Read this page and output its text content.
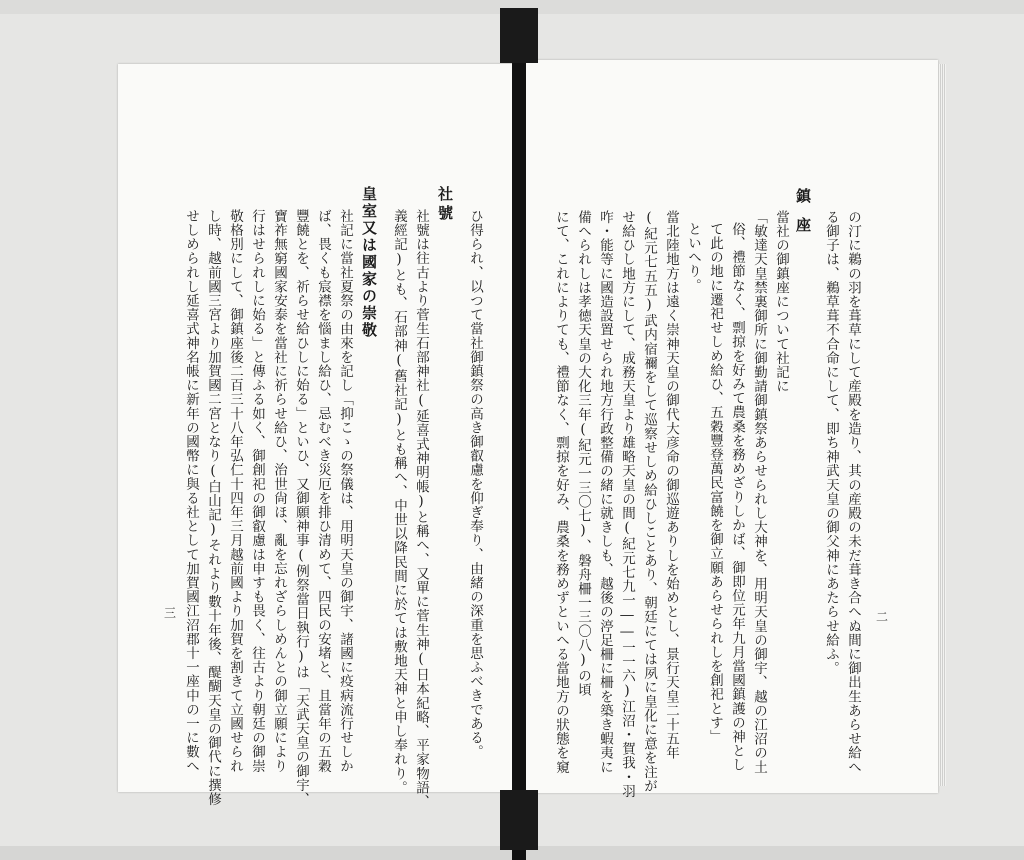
ひ得られ、以つて當社御鎮祭の高き御叡慮を仰ぎ奉り、由緒の深重を思ふべきである。
社號
社號は往古より菅生石部神社(延喜式神明帳)と稱へ、又單に菅生神(日本紀略、平家物語、
義經記)とも、石部神(舊社記)とも稱へ、中世以降民間に於ては敷地天神と申し奉れり。
皇室又は國家の崇敬
社記に當社夏祭の由來を記し「抑こゝの祭儀は、用明天皇の御宇、諸國に疫病流行せしか
ば、畏くも宸襟を惱まし給ひ、忌むべき災厄を排ひ清めて、四民の安堵と、且當年の五穀
豐饒とを、祈らせ給ひしに始る」といひ、又御願神事(例祭當日執行)は「天武天皇の御宇、
寶祚無窮國家安泰を當社に祈らせ給ひ、治世尙ほ、亂を忘れざらしめんとの御立願により
行はせられしに始る」と傳ふる如く、御創祀の御叡慮は申すも畏く、往古より朝廷の御崇
敬格別にして、御鎮座後二百三十八年弘仁十四年三月越前國より加賀を割きて立國せられ
し時、越前國三宮より加賀國二宮となり(白山記)それより數十年後、醍醐天皇の御代に撰修
せしめられし延喜式神名帳に新年の國幣に與る社として加賀國江沼郡十一座中の一に數へ
三	の汀に鵜の羽を葺草にして産殿を造り、其の産殿の未だ葺き合へぬ間に御出生あらせ給へ
る御子は、鵜草葺不合命にして、即ち神武天皇の御父神にあたらせ給ふ。
鎮座
當社の御鎮座について社記に
「敏達天皇禁裏御所に御勤請御鎮祭あらせられし大神を、用明天皇の御宇、越の江沼の土
俗、禮節なく、剽掠を好みて農桑を務めざりしかば、御即位元年九月當國鎮護の神とし
て此の地に遷祀せしめ給ひ、五穀豐登萬民富饒を御立願あらせられしを創祀とす」
といへり。
當北陸地方は遠く崇神天皇の御代大彦命の御巡遊ありしを始めとし、景行天皇二十五年
(紀元七五五)武内宿禰をして巡察せしめ給ひしことあり、朝廷にては夙に皇化に意を注が
せ給ひし地方にして、成務天皇より雄略天皇の間(紀元七九一――一一六)江沼・賀我・羽
咋・能等に國造設置せられ地方行政整備の緒に就きしも、越後の渟足柵に柵を築き蝦夷に
備へられしは孝徳天皇の大化三年(紀元一三〇七)、磐舟柵一三〇八)の頃
にて、これによりても、禮節なく、剽掠を好み、農桑を務めずといへる當地方の狀態を窺	二
